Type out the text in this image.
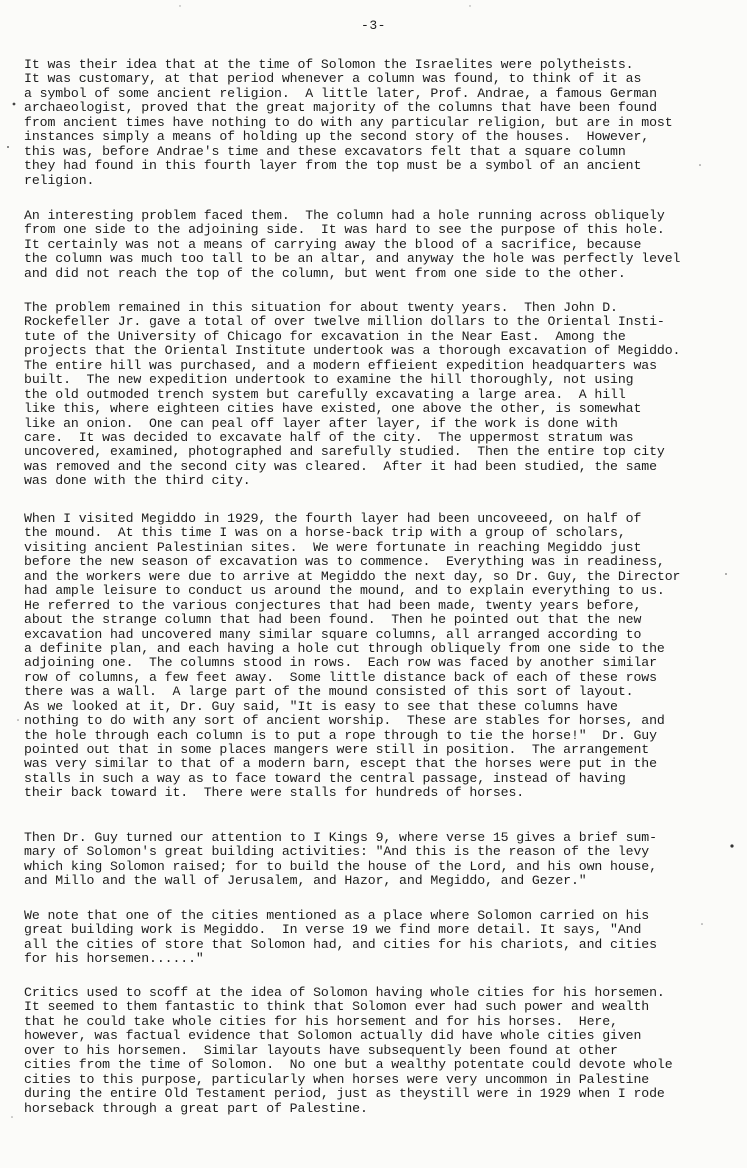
-3-
It was their idea that at the time of Solomon the Israelites were polytheists.
It was customary, at that period whenever a column was found, to think of it as
a symbol of some ancient religion.  A little later, Prof. Andrae, a famous German
archaeologist, proved that the great majority of the columns that have been found
from ancient times have nothing to do with any particular religion, but are in most
instances simply a means of holding up the second story of the houses.  However,
this was, before Andrae's time and these excavators felt that a square column
they had found in this fourth layer from the top must be a symbol of an ancient
religion.
An interesting problem faced them.  The column had a hole running across obliquely
from one side to the adjoining side.  It was hard to see the purpose of this hole.
It certainly was not a means of carrying away the blood of a sacrifice, because
the column was much too tall to be an altar, and anyway the hole was perfectly level
and did not reach the top of the column, but went from one side to the other.
The problem remained in this situation for about twenty years.  Then John D.
Rockefeller Jr. gave a total of over twelve million dollars to the Oriental Insti-
tute of the University of Chicago for excavation in the Near East.  Among the
projects that the Oriental Institute undertook was a thorough excavation of Megiddo.
The entire hill was purchased, and a modern effieient expedition headquarters was
built.  The new expedition undertook to examine the hill thoroughly, not using
the old outmoded trench system but carefully excavating a large area.  A hill
like this, where eighteen cities have existed, one above the other, is somewhat
like an onion.  One can peal off layer after layer, if the work is done with
care.  It was decided to excavate half of the city.  The uppermost stratum was
uncovered, examined, photographed and sarefully studied.  Then the entire top city
was removed and the second city was cleared.  After it had been studied, the same
was done with the third city.
When I visited Megiddo in 1929, the fourth layer had been uncoveeed, on half of
the mound.  At this time I was on a horse-back trip with a group of scholars,
visiting ancient Palestinian sites.  We were fortunate in reaching Megiddo just
before the new season of excavation was to commence.  Everything was in readiness,
and the workers were due to arrive at Megiddo the next day, so Dr. Guy, the Director
had ample leisure to conduct us around the mound, and to explain everything to us.
He referred to the various conjectures that had been made, twenty years before,
about the strange column that had been found.  Then he pointed out that the new
excavation had uncovered many similar square columns, all arranged according to
a definite plan, and each having a hole cut through obliquely from one side to the
adjoining one.  The columns stood in rows.  Each row was faced by another similar
row of columns, a few feet away.  Some little distance back of each of these rows
there was a wall.  A large part of the mound consisted of this sort of layout.
As we looked at it, Dr. Guy said, "It is easy to see that these columns have
nothing to do with any sort of ancient worship.  These are stables for horses, and
the hole through each column is to put a rope through to tie the horse!"  Dr. Guy
pointed out that in some places mangers were still in position.  The arrangement
was very similar to that of a modern barn, escept that the horses were put in the
stalls in such a way as to face toward the central passage, instead of having
their back toward it.  There were stalls for hundreds of horses.
Then Dr. Guy turned our attention to I Kings 9, where verse 15 gives a brief sum-
mary of Solomon's great building activities: "And this is the reason of the levy
which king Solomon raised; for to build the house of the Lord, and his own house,
and Millo and the wall of Jerusalem, and Hazor, and Megiddo, and Gezer."
We note that one of the cities mentioned as a place where Solomon carried on his
great building work is Megiddo.  In verse 19 we find more detail. It says, "And
all the cities of store that Solomon had, and cities for his chariots, and cities
for his horsemen......"
Critics used to scoff at the idea of Solomon having whole cities for his horsemen.
It seemed to them fantastic to think that Solomon ever had such power and wealth
that he could take whole cities for his horsement and for his horses.  Here,
however, was factual evidence that Solomon actually did have whole cities given
over to his horsemen.  Similar layouts have subsequently been found at other
cities from the time of Solomon.  No one but a wealthy potentate could devote whole
cities to this purpose, particularly when horses were very uncommon in Palestine
during the entire Old Testament period, just as theystill were in 1929 when I rode
horseback through a great part of Palestine.
